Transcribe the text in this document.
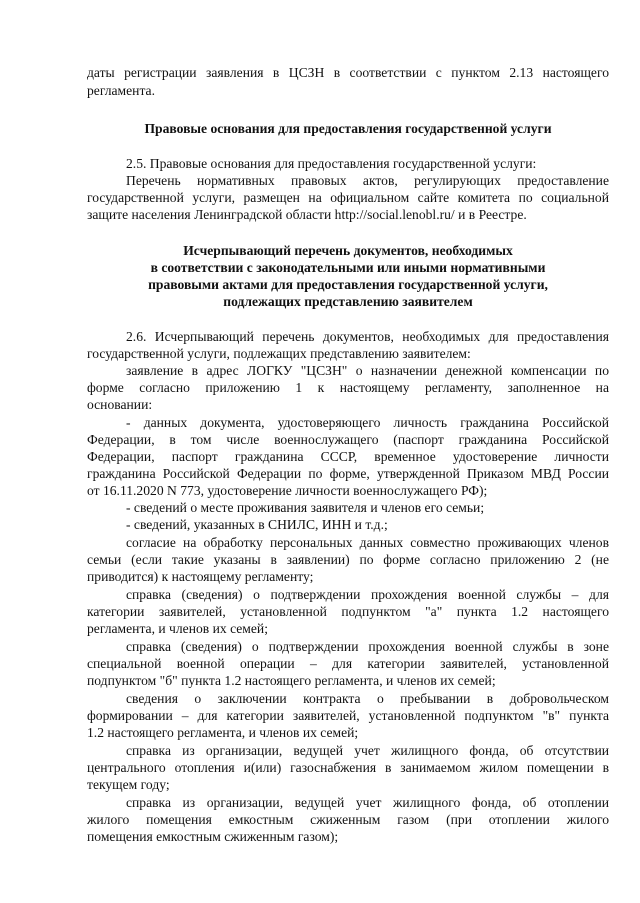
даты регистрации заявления в ЦСЗН в соответствии с пунктом 2.13 настоящего
регламента.
Правовые основания для предоставления государственной услуги
2.5. Правовые основания для предоставления государственной услуги:
Перечень нормативных правовых актов, регулирующих предоставление
государственной услуги, размещен на официальном сайте комитета по социальной
защите населения Ленинградской области http://social.lenobl.ru/ и в Реестре.
Исчерпывающий перечень документов, необходимых
в соответствии с законодательными или иными нормативными
правовыми актами для предоставления государственной услуги,
подлежащих представлению заявителем
2.6. Исчерпывающий перечень документов, необходимых для предоставления
государственной услуги, подлежащих представлению заявителем:
заявление в адрес ЛОГКУ "ЦСЗН" о назначении денежной компенсации по
форме согласно приложению 1 к настоящему регламенту, заполненное на
основании:
- данных документа, удостоверяющего личность гражданина Российской
Федерации, в том числе военнослужащего (паспорт гражданина Российской
Федерации, паспорт гражданина СССР, временное удостоверение личности
гражданина Российской Федерации по форме, утвержденной Приказом МВД России
от 16.11.2020 N 773, удостоверение личности военнослужащего РФ);
- сведений о месте проживания заявителя и членов его семьи;
- сведений, указанных в СНИЛС, ИНН и т.д.;
согласие на обработку персональных данных совместно проживающих членов
семьи (если такие указаны в заявлении) по форме согласно приложению 2 (не
приводится) к настоящему регламенту;
справка (сведения) о подтверждении прохождения военной службы – для
категории заявителей, установленной подпунктом "а" пункта 1.2 настоящего
регламента, и членов их семей;
справка (сведения) о подтверждении прохождения военной службы в зоне
специальной военной операции – для категории заявителей, установленной
подпунктом "б" пункта 1.2 настоящего регламента, и членов их семей;
сведения о заключении контракта о пребывании в добровольческом
формировании – для категории заявителей, установленной подпунктом "в" пункта
1.2 настоящего регламента, и членов их семей;
справка из организации, ведущей учет жилищного фонда, об отсутствии
центрального отопления и(или) газоснабжения в занимаемом жилом помещении в
текущем году;
справка из организации, ведущей учет жилищного фонда, об отоплении
жилого помещения емкостным сжиженным газом (при отоплении жилого
помещения емкостным сжиженным газом);
